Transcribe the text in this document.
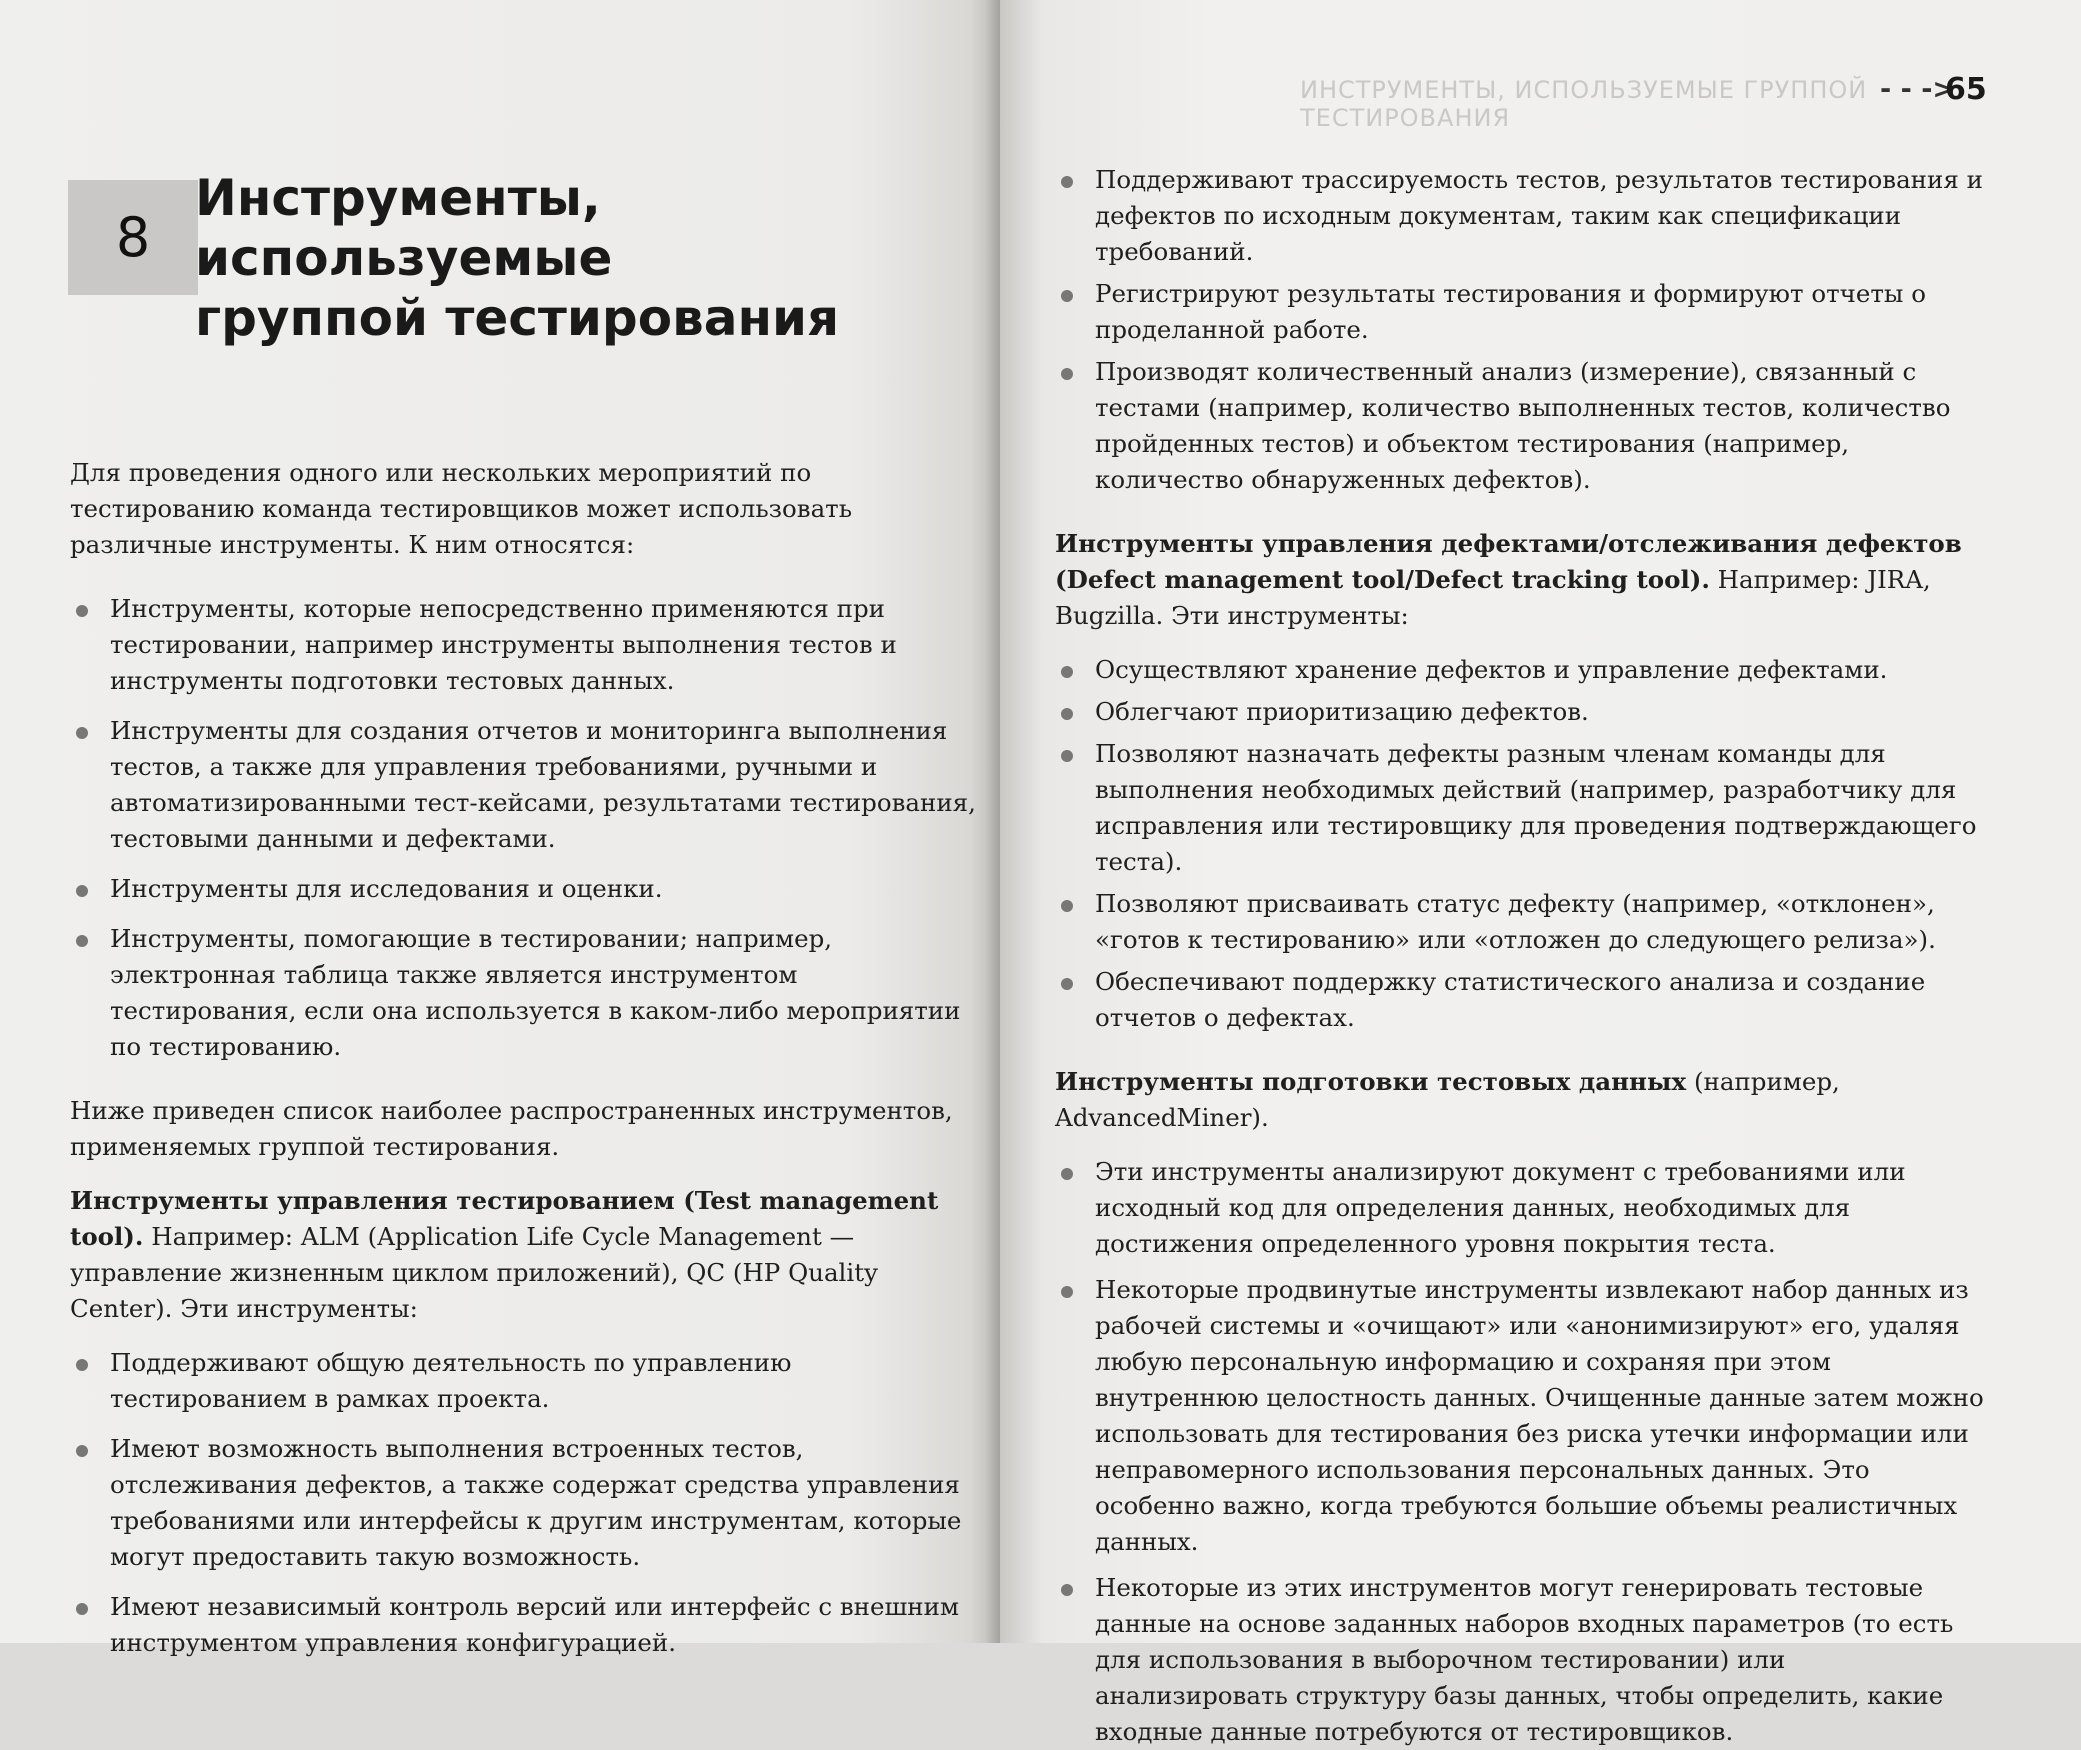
8
Инструменты, используемые
группой тестирования

Для проведения одного или нескольких мероприятий по тестированию команда тестировщиков может использовать различные инструменты. К ним относятся:

Инструменты, которые непосредственно применяются при тестировании, например инструменты выполнения тестов и инструменты подготовки тестовых данных.
Инструменты для создания отчетов и мониторинга выполнения тестов, а также для управления требованиями, ручными и автоматизированными тест-кейсами, результатами тестирования, тестовыми данными и дефектами.
Инструменты для исследования и оценки.
Инструменты, помогающие в тестировании; например, электронная таблица также является инструментом тестирования, если она используется в каком-либо мероприятии по тестированию.

Ниже приведен список наиболее распространенных инструментов, применяемых группой тестирования.

Инструменты управления тестированием (Test management tool). Например: ALM (Application Life Cycle Management — управление жизненным циклом приложений), QC (HP Quality Center). Эти инструменты:

Поддерживают общую деятельность по управлению тестированием в рамках проекта.
Имеют возможность выполнения встроенных тестов, отслеживания дефектов, а также содержат средства управления требованиями или интерфейсы к другим инструментам, которые могут предоставить такую возможность.
Имеют независимый контроль версий или интерфейс с внешним инструментом управления конфигурацией.
ИНСТРУМЕНТЫ, ИСПОЛЬЗУЕМЫЕ ГРУППОЙ ТЕСТИРОВАНИЯ
- - ->
65
Поддерживают трассируемость тестов, результатов тестирования и дефектов по исходным документам, таким как спецификации требований.
Регистрируют результаты тестирования и формируют отчеты о проделанной работе.
Производят количественный анализ (измерение), связанный с тестами (например, количество выполненных тестов, количество пройденных тестов) и объектом тестирования (например, количество обнаруженных дефектов).

Инструменты управления дефектами/отслеживания дефектов (Defect management tool/Defect tracking tool). Например: JIRA, Bugzilla. Эти инструменты:

Осуществляют хранение дефектов и управление дефектами.
Облегчают приоритизацию дефектов.
Позволяют назначать дефекты разным членам команды для выполнения необходимых действий (например, разработчику для исправления или тестировщику для проведения подтверждающего теста).
Позволяют присваивать статус дефекту (например, «отклонен», «готов к тестированию» или «отложен до следующего релиза»).
Обеспечивают поддержку статистического анализа и создание отчетов о дефектах.

Инструменты подготовки тестовых данных (например, AdvancedMiner).

Эти инструменты анализируют документ с требованиями или исходный код для определения данных, необходимых для достижения определенного уровня покрытия теста.
Некоторые продвинутые инструменты извлекают набор данных из рабочей системы и «очищают» или «анонимизируют» его, удаляя любую персональную информацию и сохраняя при этом внутреннюю целостность данных. Очищенные данные затем можно использовать для тестирования без риска утечки информации или неправомерного использования персональных данных. Это особенно важно, когда требуются большие объемы реалистичных данных.
Некоторые из этих инструментов могут генерировать тестовые данные на основе заданных наборов входных параметров (то есть для использования в выборочном тестировании) или анализировать структуру базы данных, чтобы определить, какие входные данные потребуются от тестировщиков.
